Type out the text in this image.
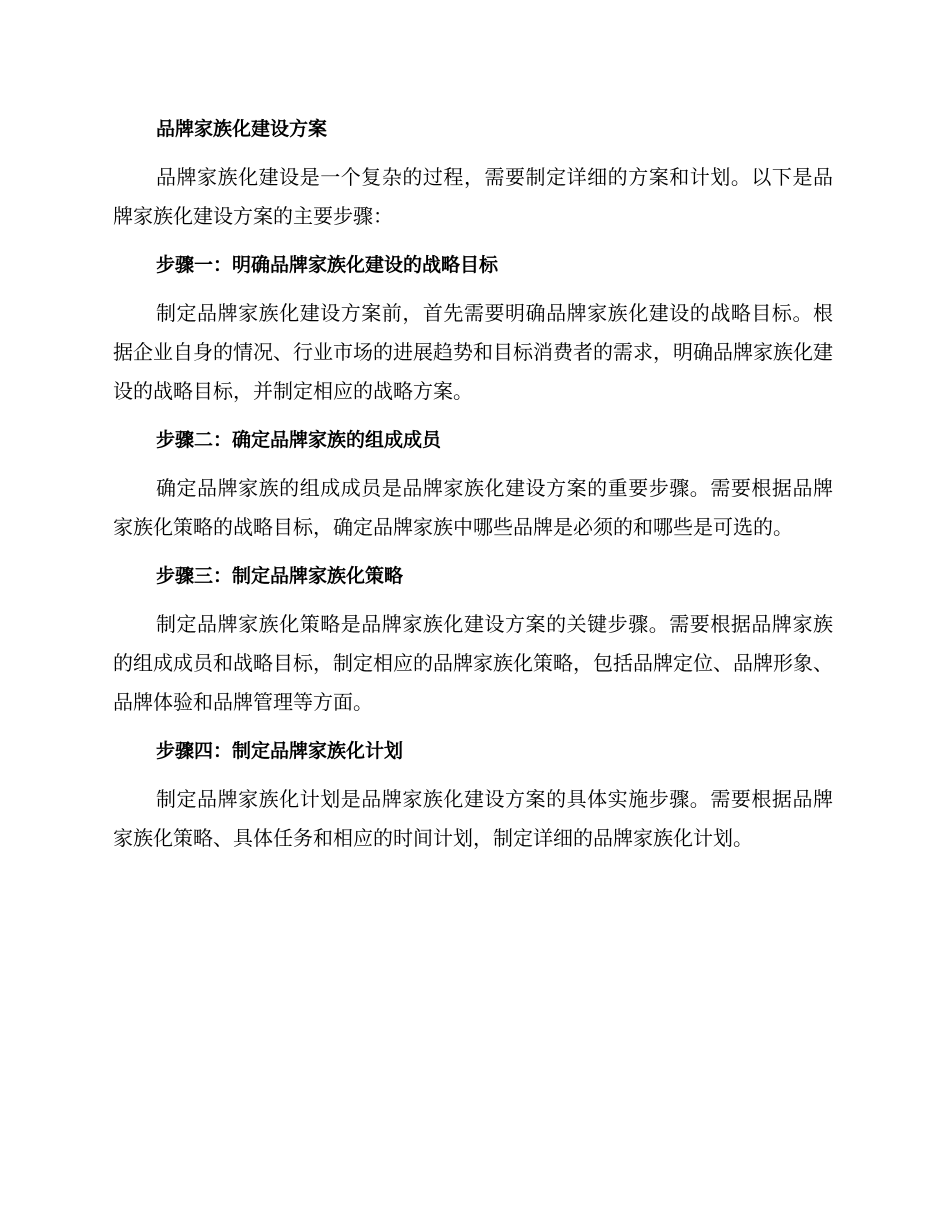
品牌家族化建设方案

品牌家族化建设是一个复杂的过程，需要制定详细的方案和计划。以下是品牌家族化建设方案的主要步骤：

步骤一：明确品牌家族化建设的战略目标

制定品牌家族化建设方案前，首先需要明确品牌家族化建设的战略目标。根据企业自身的情况、行业市场的进展趋势和目标消费者的需求，明确品牌家族化建设的战略目标，并制定相应的战略方案。

步骤二：确定品牌家族的组成成员

确定品牌家族的组成成员是品牌家族化建设方案的重要步骤。需要根据品牌家族化策略的战略目标，确定品牌家族中哪些品牌是必须的和哪些是可选的。

步骤三：制定品牌家族化策略

制定品牌家族化策略是品牌家族化建设方案的关键步骤。需要根据品牌家族的组成成员和战略目标，制定相应的品牌家族化策略，包括品牌定位、品牌形象、品牌体验和品牌管理等方面。

步骤四：制定品牌家族化计划

制定品牌家族化计划是品牌家族化建设方案的具体实施步骤。需要根据品牌家族化策略、具体任务和相应的时间计划，制定详细的品牌家族化计划。
